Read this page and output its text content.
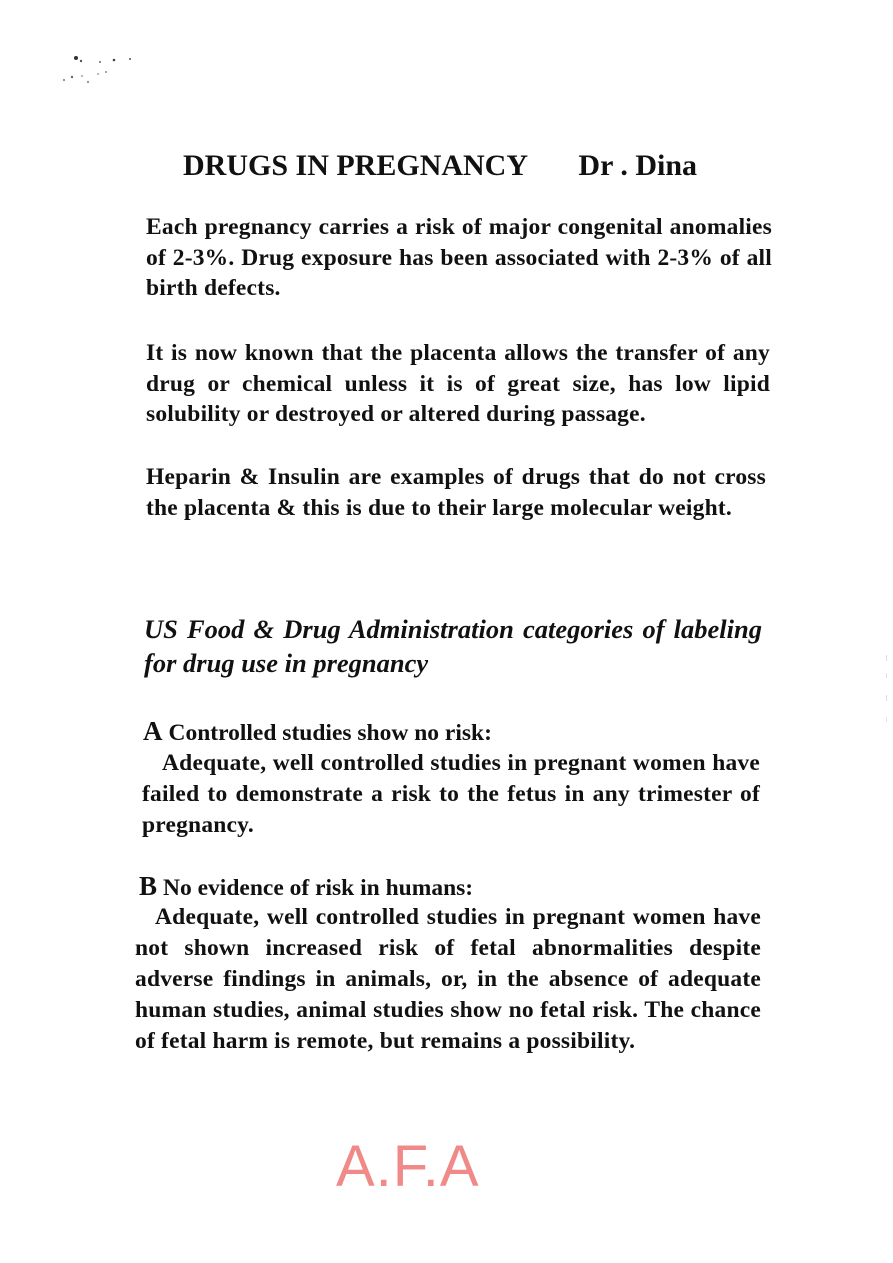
DRUGS IN PREGNANCY Dr . Dina
Each pregnancy carries a risk of major congenital anomalies of 2-3%. Drug exposure has been associated with 2-3% of all birth defects.
It is now known that the placenta allows the transfer of any drug or chemical unless it is of great size, has low lipid solubility or destroyed or altered during passage.
Heparin & Insulin are examples of drugs that do not cross the placenta & this is due to their large molecular weight.
US Food & Drug Administration categories of labeling for drug use in pregnancy
A Controlled studies show no risk:
Adequate, well controlled studies in pregnant women have failed to demonstrate a risk to the fetus in any trimester of pregnancy.
B No evidence of risk in humans:
Adequate, well controlled studies in pregnant women have not shown increased risk of fetal abnormalities despite adverse findings in animals, or, in the absence of adequate human studies, animal studies show no fetal risk. The chance of fetal harm is remote, but remains a possibility.
A.F.A
